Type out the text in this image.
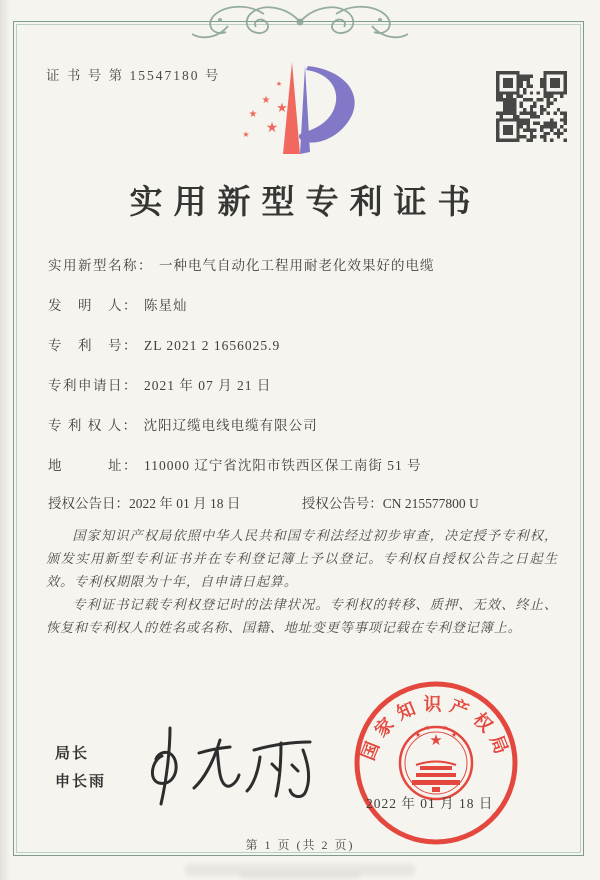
证 书 号 第 15547180 号
★
★
★
★
★
★
实用新型专利证书
实用新型名称： 一种电气自动化工程用耐老化效果好的电缆
发　明　人： 陈星灿
专　利　号： ZL 2021 2 1656025.9
专利申请日： 2021 年 07 月 21 日
专 利 权 人： 沈阳辽缆电线电缆有限公司
地　　　址： 110000 辽宁省沈阳市铁西区保工南街 51 号
授权公告日：2022 年 01 月 18 日	授权公告号：CN 215577800 U

国家知识产权局依照中华人民共和国专利法经过初步审查，决定授予专利权，颁发实用新型专利证书并在专利登记簿上予以登记。专利权自授权公告之日起生效。专利权期限为十年，自申请日起算。

专利证书记载专利权登记时的法律状况。专利权的转移、质押、无效、终止、恢复和专利权人的姓名或名称、国籍、地址变更等事项记载在专利登记簿上。

局长
申长雨
国家知识产权局
★
★
★ ★
★
2022 年 01 月 18 日
第 1 页 (共 2 页)
